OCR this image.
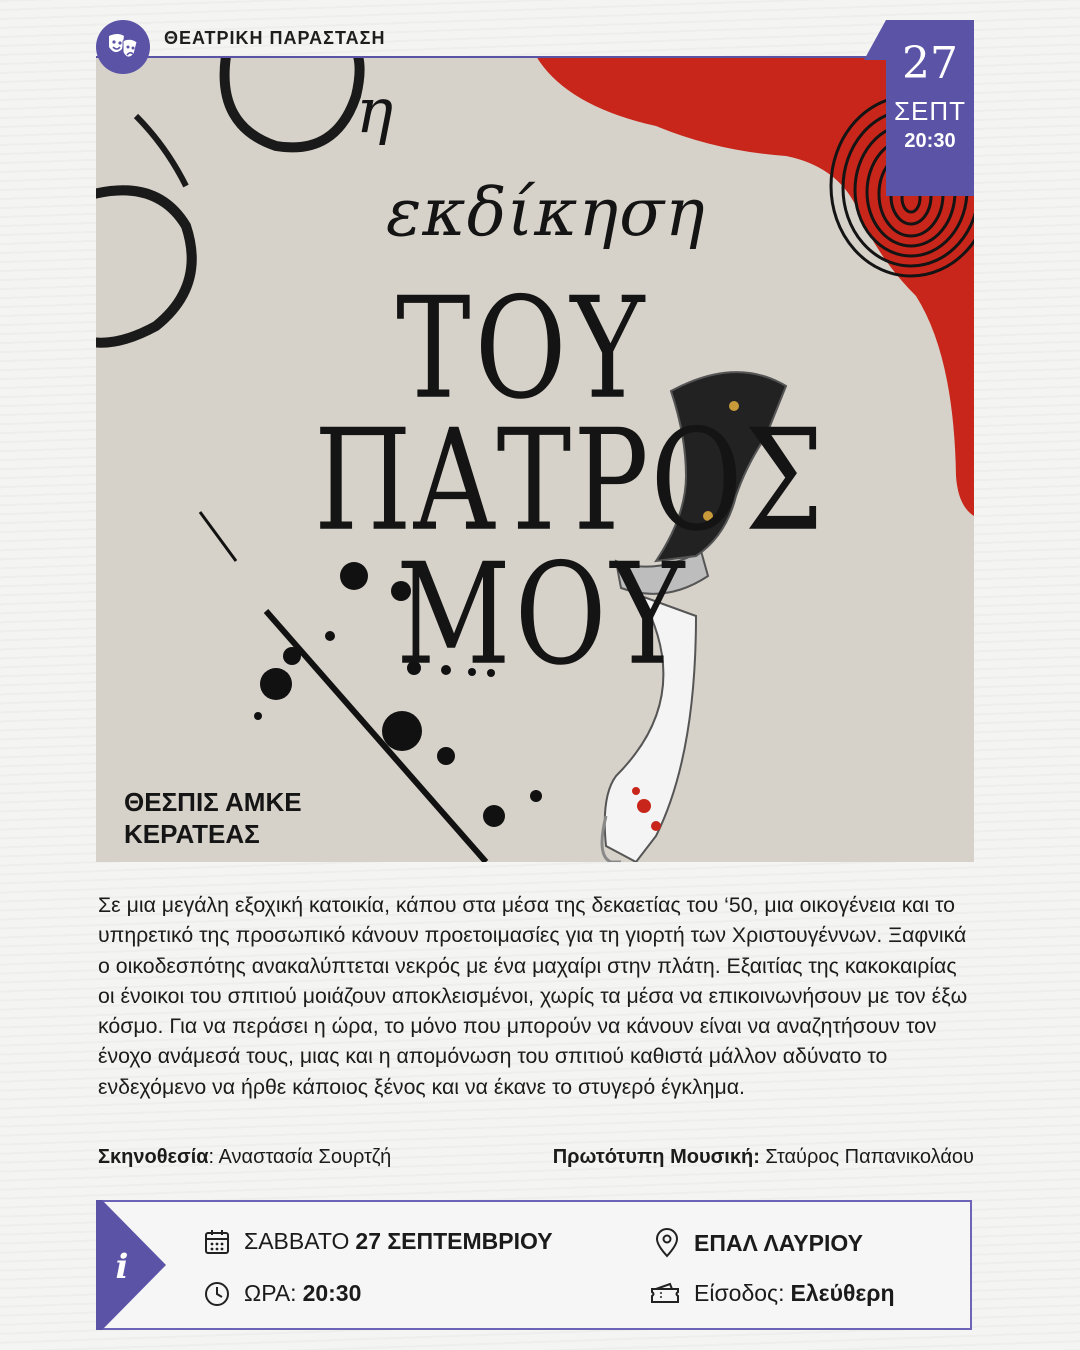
ΘΕΑΤΡΙΚΗ ΠΑΡΑΣΤΑΣΗ
η
εκδίκηση
ΤΟΥ
ΠΑΤΡΟΣ
ΜΟΥ
ΘΕΣΠΙΣ ΑΜΚΕ
ΚΕΡΑΤΕΑΣ
27
ΣΕΠΤ
20:30

Σε μια μεγάλη εξοχική κατοικία, κάπου στα μέσα της δεκαετίας του ‘50, μια οικογένεια και το υπηρετικό της προσωπικό κάνουν προετοιμασίες για τη γιορτή των Χριστουγέννων. Ξαφνικά ο οικοδεσπότης ανακαλύπτεται νεκρός με ένα μαχαίρι στην πλάτη. Εξαιτίας της κακοκαιρίας οι ένοικοι του σπιτιού μοιάζουν αποκλεισμένοι, χωρίς τα μέσα να επικοινωνήσουν με τον έξω κόσμο. Για να περάσει η ώρα, το μόνο που μπορούν να κάνουν είναι να αναζητήσουν τον ένοχο ανάμεσά τους, μιας και η απομόνωση του σπιτιού καθιστά μάλλον αδύνατο το ενδεχόμενο να ήρθε κάποιος ξένος και να έκανε το στυγερό έγκλημα.

Σκηνοθεσία: Αναστασία Σουρτζή	Πρωτότυπη Μουσική: Σταύρος Παπανικολάου
i
ΣΑΒΒΑΤΟ 27 ΣΕΠΤΕΜΒΡΙΟΥ
ΩΡΑ: 20:30
ΕΠΑΛ ΛΑΥΡΙΟΥ
Είσοδος: Ελεύθερη
